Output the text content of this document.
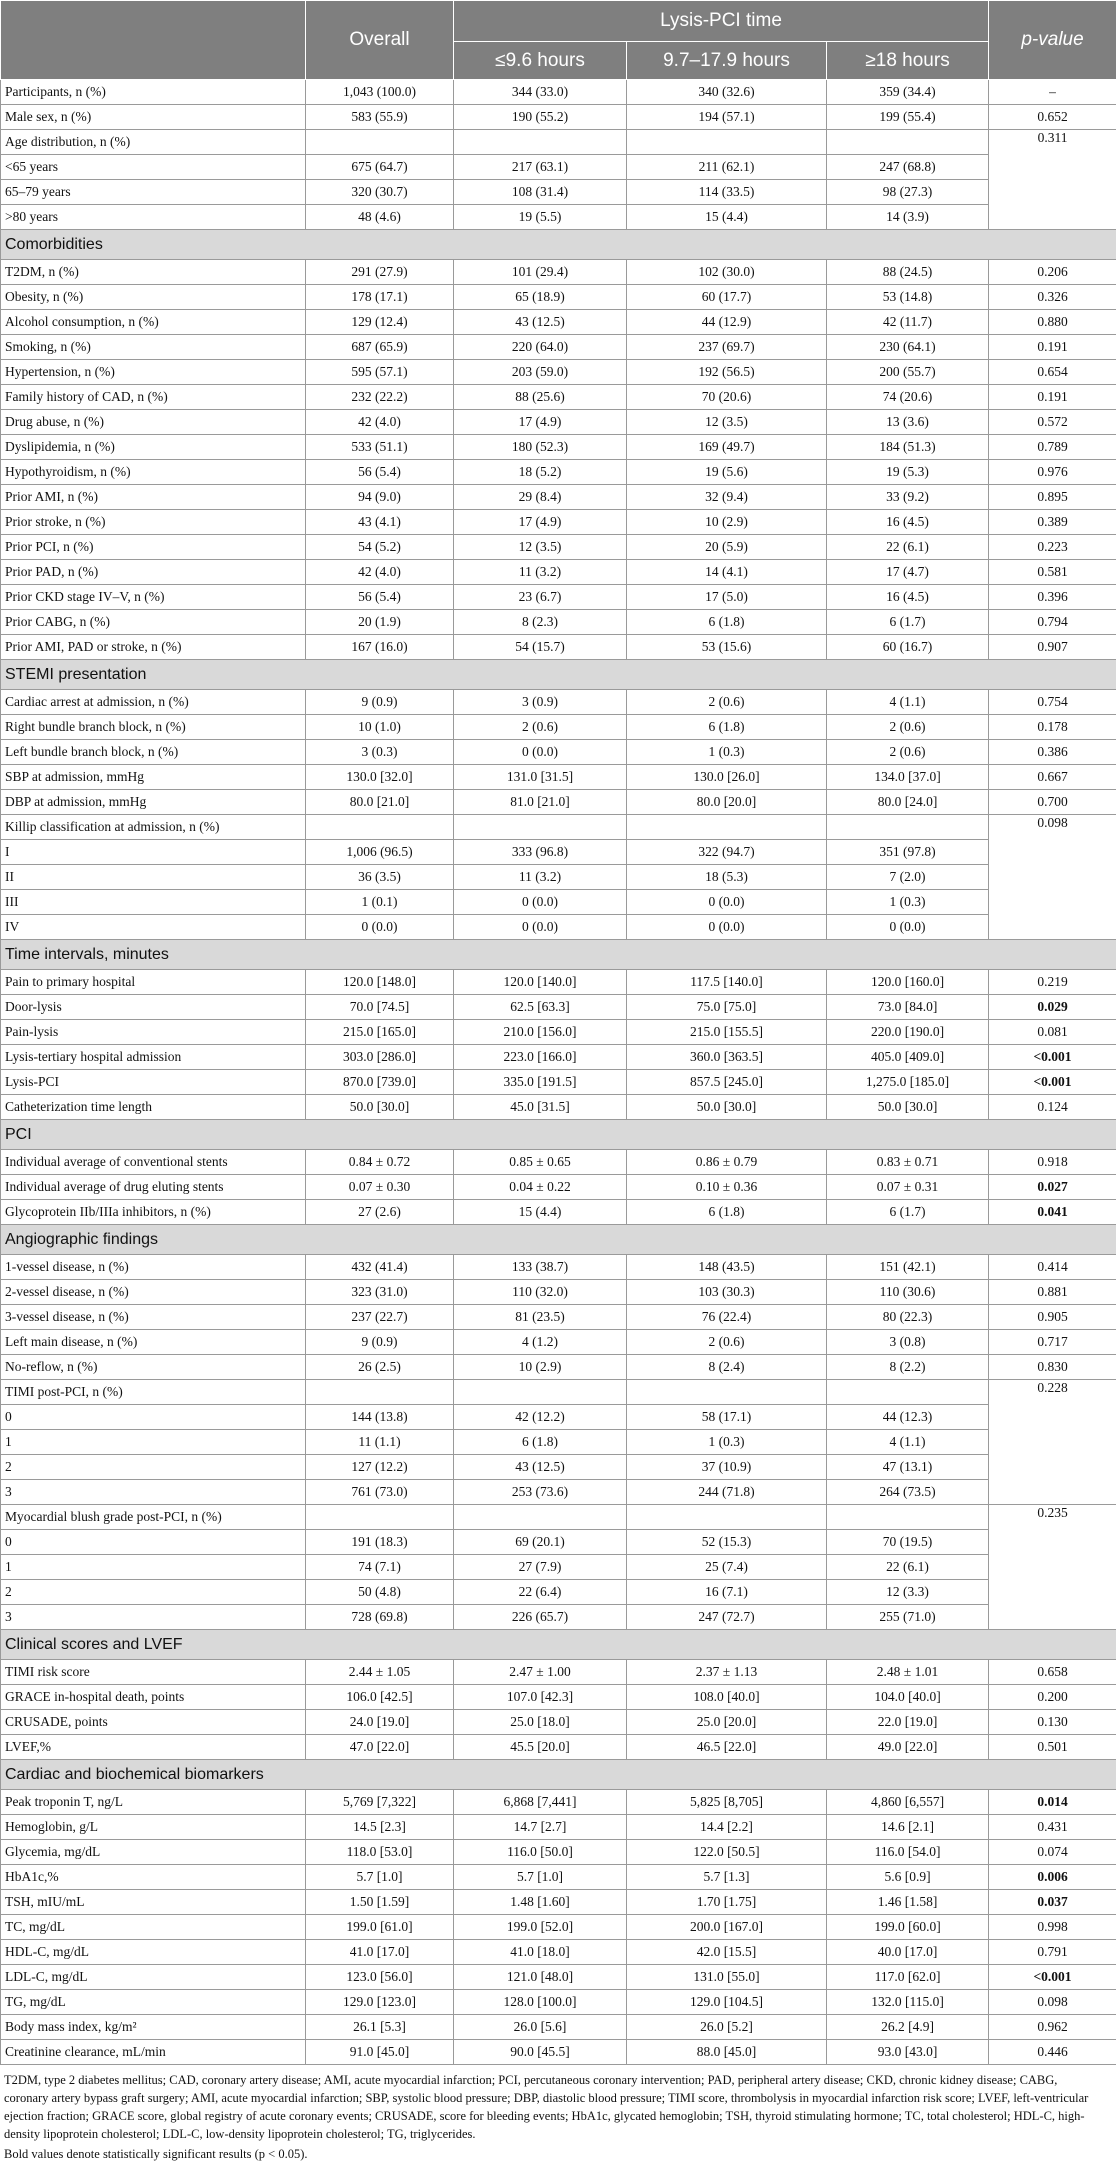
	Overall	Lysis-PCI time			p-value
		≤9.6 hours	9.7–17.9 hours	≥18 hours	
Participants, n (%)	1,043 (100.0)	344 (33.0)	340 (32.6)	359 (34.4)	–
Male sex, n (%)	583 (55.9)	190 (55.2)	194 (57.1)	199 (55.4)	0.652
Age distribution, n (%)					0.311
<65 years	675 (64.7)	217 (63.1)	211 (62.1)	247 (68.8)	
65–79 years	320 (30.7)	108 (31.4)	114 (33.5)	98 (27.3)	
>80 years	48 (4.6)	19 (5.5)	15 (4.4)	14 (3.9)	
Comorbidities					
T2DM, n (%)	291 (27.9)	101 (29.4)	102 (30.0)	88 (24.5)	0.206
Obesity, n (%)	178 (17.1)	65 (18.9)	60 (17.7)	53 (14.8)	0.326
Alcohol consumption, n (%)	129 (12.4)	43 (12.5)	44 (12.9)	42 (11.7)	0.880
Smoking, n (%)	687 (65.9)	220 (64.0)	237 (69.7)	230 (64.1)	0.191
Hypertension, n (%)	595 (57.1)	203 (59.0)	192 (56.5)	200 (55.7)	0.654
Family history of CAD, n (%)	232 (22.2)	88 (25.6)	70 (20.6)	74 (20.6)	0.191
Drug abuse, n (%)	42 (4.0)	17 (4.9)	12 (3.5)	13 (3.6)	0.572
Dyslipidemia, n (%)	533 (51.1)	180 (52.3)	169 (49.7)	184 (51.3)	0.789
Hypothyroidism, n (%)	56 (5.4)	18 (5.2)	19 (5.6)	19 (5.3)	0.976
Prior AMI, n (%)	94 (9.0)	29 (8.4)	32 (9.4)	33 (9.2)	0.895
Prior stroke, n (%)	43 (4.1)	17 (4.9)	10 (2.9)	16 (4.5)	0.389
Prior PCI, n (%)	54 (5.2)	12 (3.5)	20 (5.9)	22 (6.1)	0.223
Prior PAD, n (%)	42 (4.0)	11 (3.2)	14 (4.1)	17 (4.7)	0.581
Prior CKD stage IV–V, n (%)	56 (5.4)	23 (6.7)	17 (5.0)	16 (4.5)	0.396
Prior CABG, n (%)	20 (1.9)	8 (2.3)	6 (1.8)	6 (1.7)	0.794
Prior AMI, PAD or stroke, n (%)	167 (16.0)	54 (15.7)	53 (15.6)	60 (16.7)	0.907
STEMI presentation					
Cardiac arrest at admission, n (%)	9 (0.9)	3 (0.9)	2 (0.6)	4 (1.1)	0.754
Right bundle branch block, n (%)	10 (1.0)	2 (0.6)	6 (1.8)	2 (0.6)	0.178
Left bundle branch block, n (%)	3 (0.3)	0 (0.0)	1 (0.3)	2 (0.6)	0.386
SBP at admission, mmHg	130.0 [32.0]	131.0 [31.5]	130.0 [26.0]	134.0 [37.0]	0.667
DBP at admission, mmHg	80.0 [21.0]	81.0 [21.0]	80.0 [20.0]	80.0 [24.0]	0.700
Killip classification at admission, n (%)					0.098
I	1,006 (96.5)	333 (96.8)	322 (94.7)	351 (97.8)	
II	36 (3.5)	11 (3.2)	18 (5.3)	7 (2.0)	
III	1 (0.1)	0 (0.0)	0 (0.0)	1 (0.3)	
IV	0 (0.0)	0 (0.0)	0 (0.0)	0 (0.0)	
Time intervals, minutes					
Pain to primary hospital	120.0 [148.0]	120.0 [140.0]	117.5 [140.0]	120.0 [160.0]	0.219
Door-lysis	70.0 [74.5]	62.5 [63.3]	75.0 [75.0]	73.0 [84.0]	0.029
Pain-lysis	215.0 [165.0]	210.0 [156.0]	215.0 [155.5]	220.0 [190.0]	0.081
Lysis-tertiary hospital admission	303.0 [286.0]	223.0 [166.0]	360.0 [363.5]	405.0 [409.0]	<0.001
Lysis-PCI	870.0 [739.0]	335.0 [191.5]	857.5 [245.0]	1,275.0 [185.0]	<0.001
Catheterization time length	50.0 [30.0]	45.0 [31.5]	50.0 [30.0]	50.0 [30.0]	0.124
PCI					
Individual average of conventional stents	0.84 ± 0.72	0.85 ± 0.65	0.86 ± 0.79	0.83 ± 0.71	0.918
Individual average of drug eluting stents	0.07 ± 0.30	0.04 ± 0.22	0.10 ± 0.36	0.07 ± 0.31	0.027
Glycoprotein IIb/IIIa inhibitors, n (%)	27 (2.6)	15 (4.4)	6 (1.8)	6 (1.7)	0.041
Angiographic findings					
1-vessel disease, n (%)	432 (41.4)	133 (38.7)	148 (43.5)	151 (42.1)	0.414
2-vessel disease, n (%)	323 (31.0)	110 (32.0)	103 (30.3)	110 (30.6)	0.881
3-vessel disease, n (%)	237 (22.7)	81 (23.5)	76 (22.4)	80 (22.3)	0.905
Left main disease, n (%)	9 (0.9)	4 (1.2)	2 (0.6)	3 (0.8)	0.717
No-reflow, n (%)	26 (2.5)	10 (2.9)	8 (2.4)	8 (2.2)	0.830
TIMI post-PCI, n (%)					0.228
0	144 (13.8)	42 (12.2)	58 (17.1)	44 (12.3)	
1	11 (1.1)	6 (1.8)	1 (0.3)	4 (1.1)	
2	127 (12.2)	43 (12.5)	37 (10.9)	47 (13.1)	
3	761 (73.0)	253 (73.6)	244 (71.8)	264 (73.5)	
Myocardial blush grade post-PCI, n (%)					0.235
0	191 (18.3)	69 (20.1)	52 (15.3)	70 (19.5)	
1	74 (7.1)	27 (7.9)	25 (7.4)	22 (6.1)	
2	50 (4.8)	22 (6.4)	16 (7.1)	12 (3.3)	
3	728 (69.8)	226 (65.7)	247 (72.7)	255 (71.0)	
Clinical scores and LVEF					
TIMI risk score	2.44 ± 1.05	2.47 ± 1.00	2.37 ± 1.13	2.48 ± 1.01	0.658
GRACE in-hospital death, points	106.0 [42.5]	107.0 [42.3]	108.0 [40.0]	104.0 [40.0]	0.200
CRUSADE, points	24.0 [19.0]	25.0 [18.0]	25.0 [20.0]	22.0 [19.0]	0.130
LVEF,%	47.0 [22.0]	45.5 [20.0]	46.5 [22.0]	49.0 [22.0]	0.501
Cardiac and biochemical biomarkers					
Peak troponin T, ng/L	5,769 [7,322]	6,868 [7,441]	5,825 [8,705]	4,860 [6,557]	0.014
Hemoglobin, g/L	14.5 [2.3]	14.7 [2.7]	14.4 [2.2]	14.6 [2.1]	0.431
Glycemia, mg/dL	118.0 [53.0]	116.0 [50.0]	122.0 [50.5]	116.0 [54.0]	0.074
HbA1c,%	5.7 [1.0]	5.7 [1.0]	5.7 [1.3]	5.6 [0.9]	0.006
TSH, mIU/mL	1.50 [1.59]	1.48 [1.60]	1.70 [1.75]	1.46 [1.58]	0.037
TC, mg/dL	199.0 [61.0]	199.0 [52.0]	200.0 [167.0]	199.0 [60.0]	0.998
HDL-C, mg/dL	41.0 [17.0]	41.0 [18.0]	42.0 [15.5]	40.0 [17.0]	0.791
LDL-C, mg/dL	123.0 [56.0]	121.0 [48.0]	131.0 [55.0]	117.0 [62.0]	<0.001
TG, mg/dL	129.0 [123.0]	128.0 [100.0]	129.0 [104.5]	132.0 [115.0]	0.098
Body mass index, kg/m²	26.1 [5.3]	26.0 [5.6]	26.0 [5.2]	26.2 [4.9]	0.962
Creatinine clearance, mL/min	91.0 [45.0]	90.0 [45.5]	88.0 [45.0]	93.0 [43.0]	0.446

T2DM, type 2 diabetes mellitus; CAD, coronary artery disease; AMI, acute myocardial infarction; PCI, percutaneous coronary intervention; PAD, peripheral artery disease; CKD, chronic kidney disease; CABG, coronary artery bypass graft surgery; AMI, acute myocardial infarction; SBP, systolic blood pressure; DBP, diastolic blood pressure; TIMI score, thrombolysis in myocardial infarction risk score; LVEF, left-ventricular ejection fraction; GRACE score, global registry of acute coronary events; CRUSADE, score for bleeding events; HbA1c, glycated hemoglobin; TSH, thyroid stimulating hormone; TC, total cholesterol; HDL-C, high-density lipoprotein cholesterol; LDL-C, low-density lipoprotein cholesterol; TG, triglycerides.

Bold values denote statistically significant results (p < 0.05).
